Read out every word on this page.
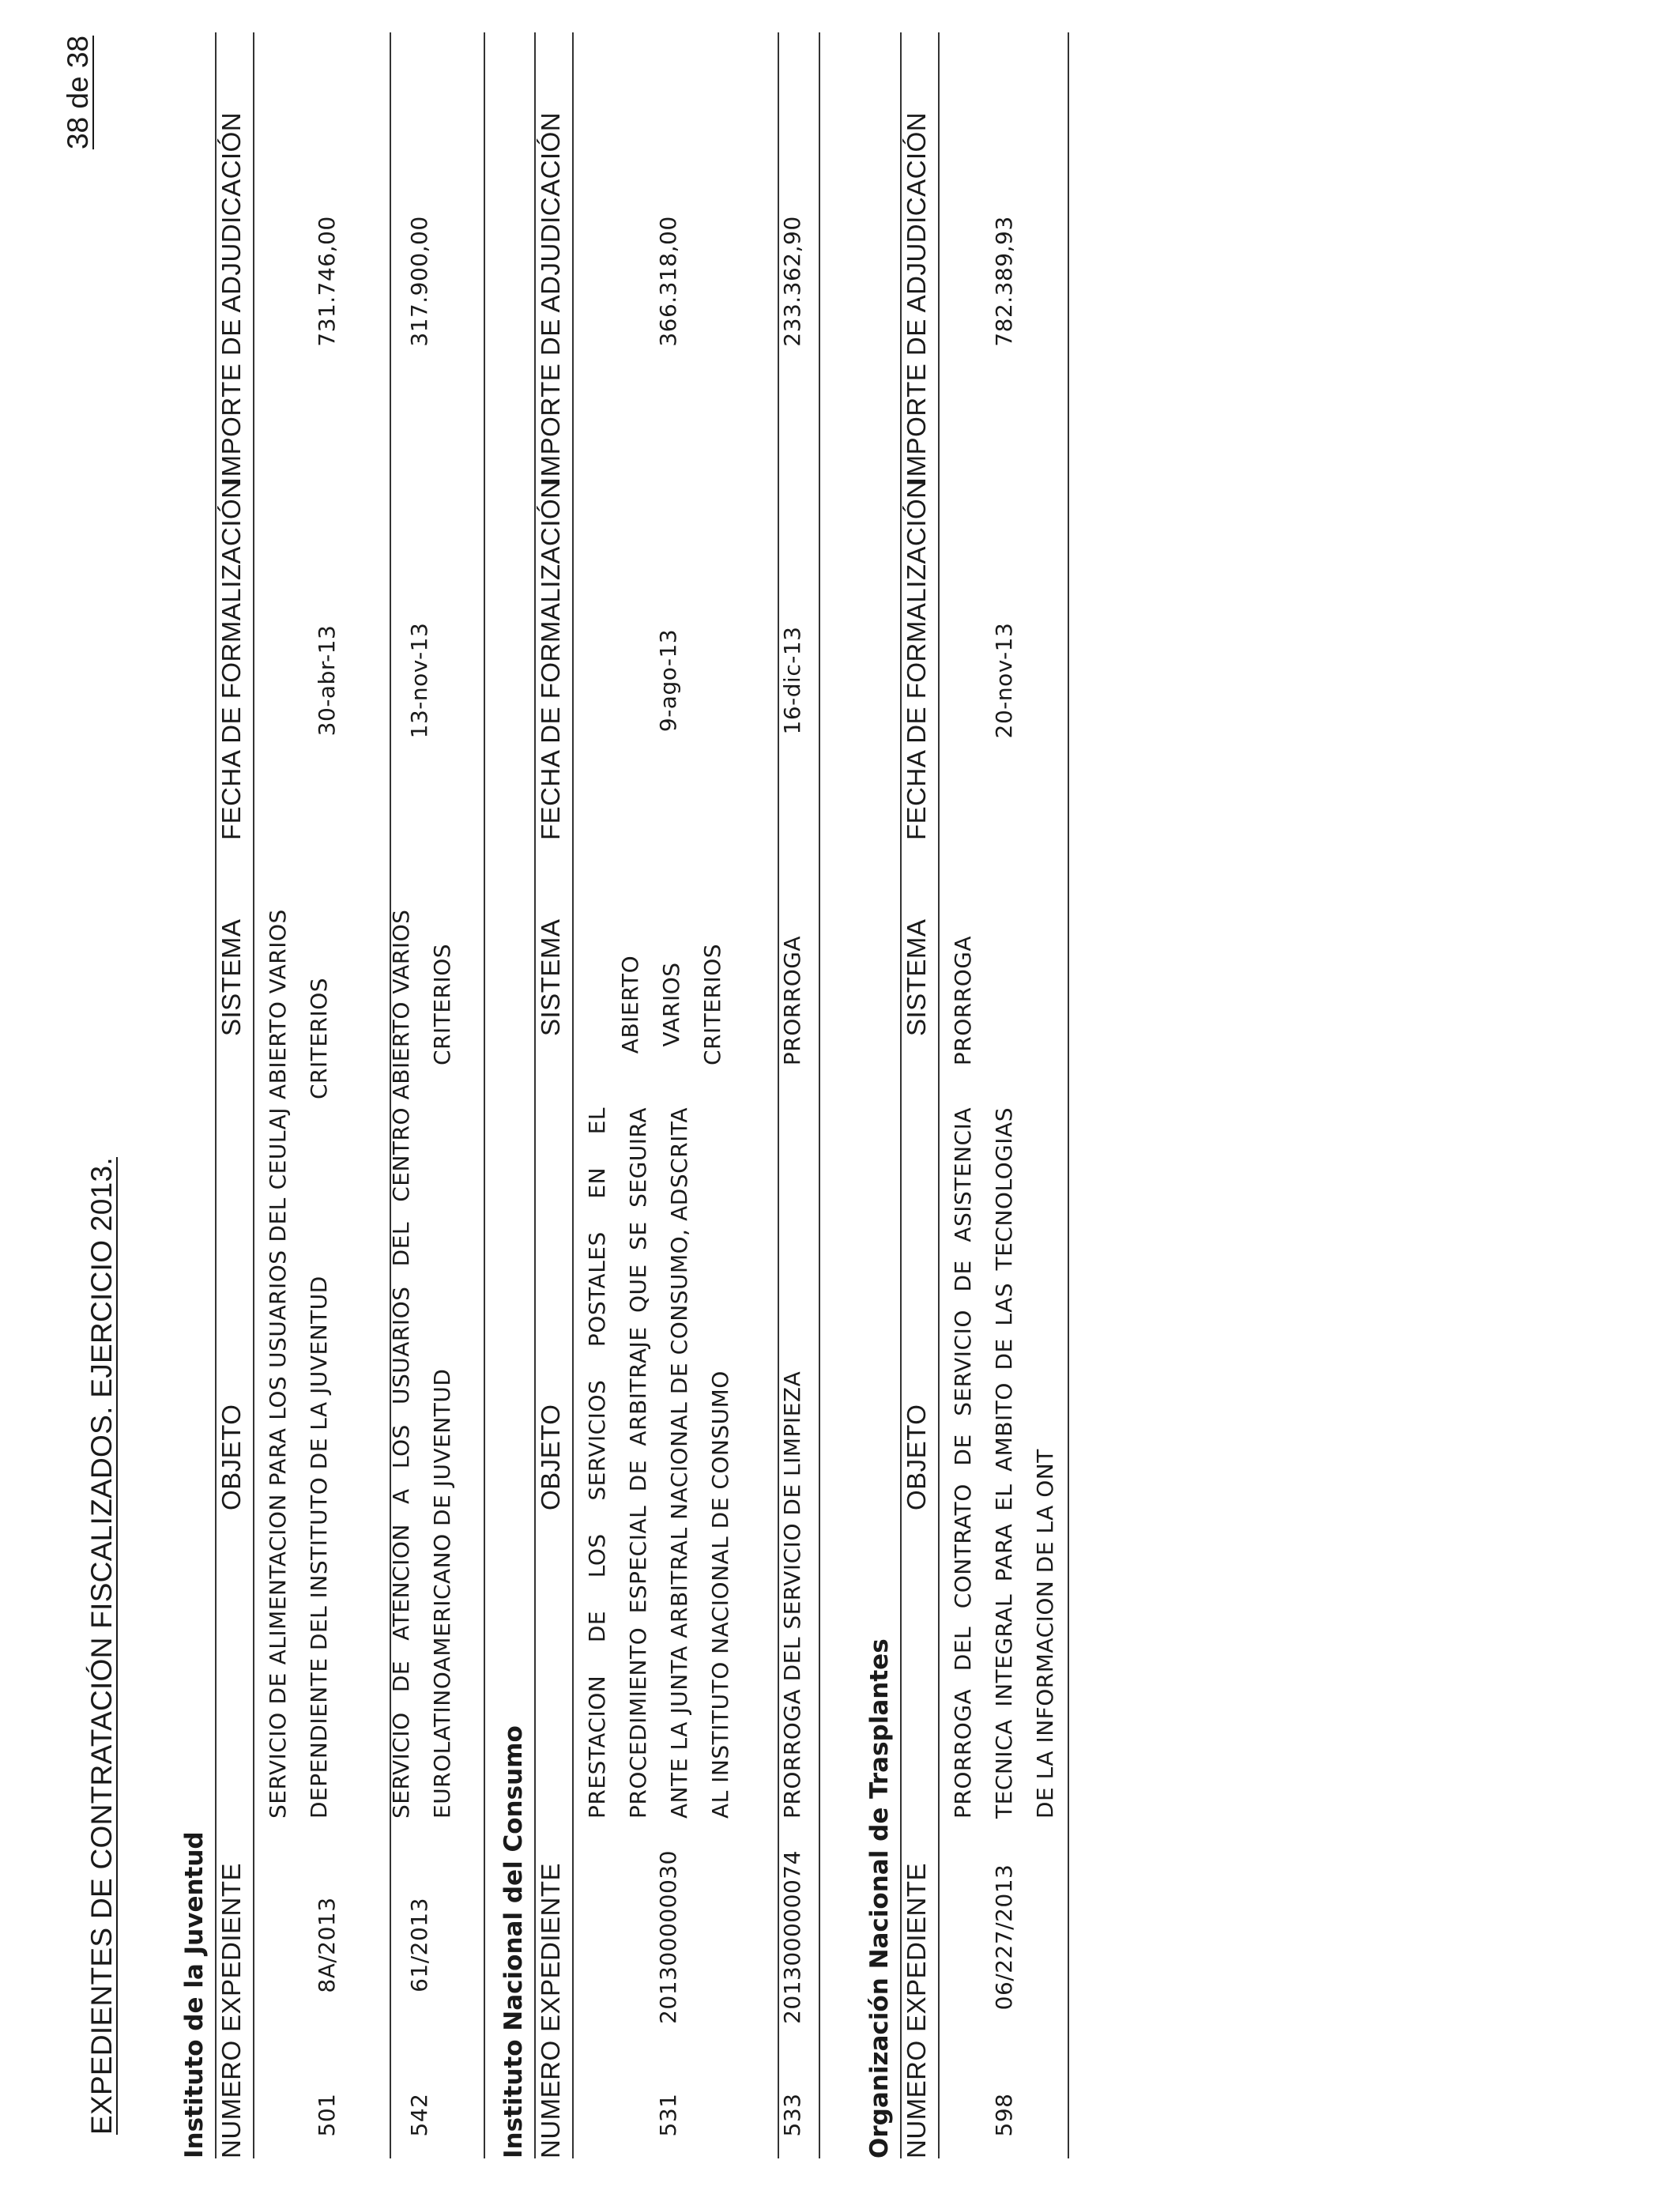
EXPEDIENTES DE CONTRATACIÓN FISCALIZADOS. EJERCICIO 2013.
38 de 38
Instituto de la Juventud NUMERO
EXPEDIENTE
OBJETO
SISTEMA
FECHA DE FORMALIZACIÓN
IMPORTE DE ADJUDICACIÓN
501
8A/2013
SERVICIO DE ALIMENTACION PARA LOS USUARIOS DEL CEULAJ DEPENDIENTE DEL INSTITUTO DE LA JUVENTUD
ABIERTO VARIOS CRITERIOS
30-abr-13
731.746,00
542
61/2013
SERVICIO DE ATENCION A LOS USUARIOS DEL CENTRO EUROLATINOAMERICANO DE JUVENTUD
ABIERTO VARIOS CRITERIOS
13-nov-13
317.900,00
Instituto Nacional del Consumo NUMERO
EXPEDIENTE
OBJETO
SISTEMA
FECHA DE FORMALIZACIÓN
IMPORTE DE ADJUDICACIÓN
531
201300000030
PRESTACION DE LOS SERVICIOS POSTALES EN EL PROCEDIMIENTO ESPECIAL DE ARBITRAJE QUE SE SEGUIRA ANTE LA JUNTA ARBITRAL NACIONAL DE CONSUMO, ADSCRITA AL INSTITUTO NACIONAL DE CONSUMO
ABIERTO VARIOS CRITERIOS
9-ago-13
366.318,00
533
201300000074
PRORROGA DEL SERVICIO DE LIMPIEZA
PRORROGA
16-dic-13
233.362,90
Organización Nacional de Trasplantes NUMERO
EXPEDIENTE
OBJETO
SISTEMA
FECHA DE FORMALIZACIÓN
IMPORTE DE ADJUDICACIÓN
598
06/227/2013
PRORROGA DEL CONTRATO DE SERVICIO DE ASISTENCIA TECNICA INTEGRAL PARA EL AMBITO DE LAS TECNOLOGIAS DE LA INFORMACION DE LA ONT
PRORROGA
20-nov-13
782.389,93
